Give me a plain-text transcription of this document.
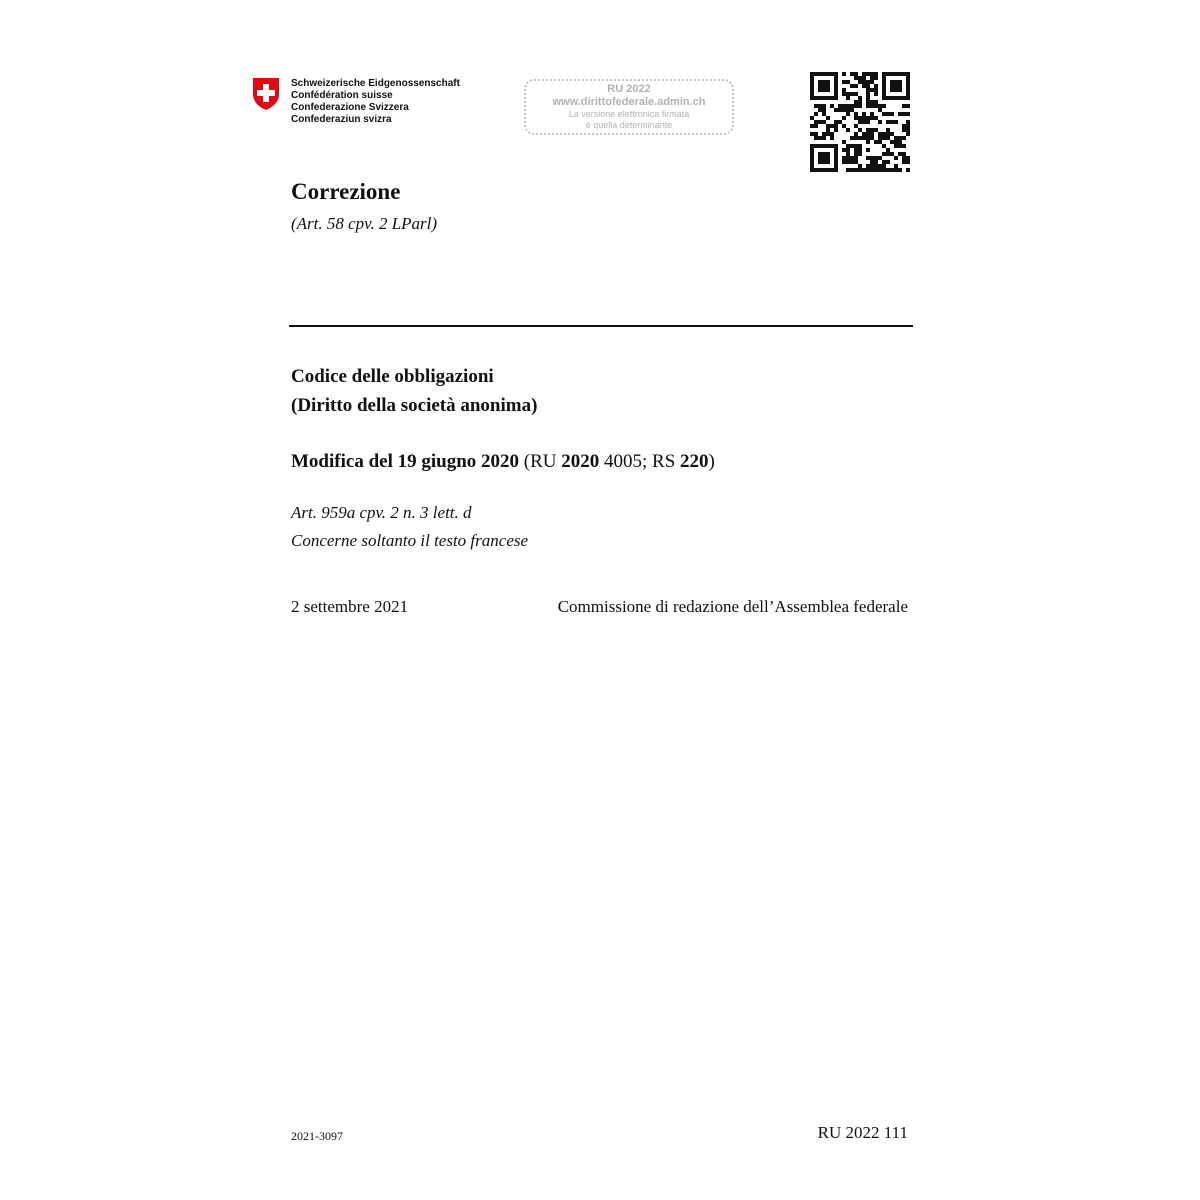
Schweizerische Eidgenossenschaft
Confédération suisse
Confederazione Svizzera
Confederaziun svizra
RU 2022
www.dirittofederale.admin.ch
La versione elettronica firmata
è quella determinante
Correzione
(Art. 58 cpv. 2 LParl)
Codice delle obbligazioni
(Diritto della società anonima)
Modifica del 19 giugno 2020 (RU 2020 4005; RS 220)
Art. 959a cpv. 2 n. 3 lett. d
Concerne soltanto il testo francese
2 settembre 2021	Commissione di redazione dell’Assemblea federale
2021-3097	RU 2022 111
